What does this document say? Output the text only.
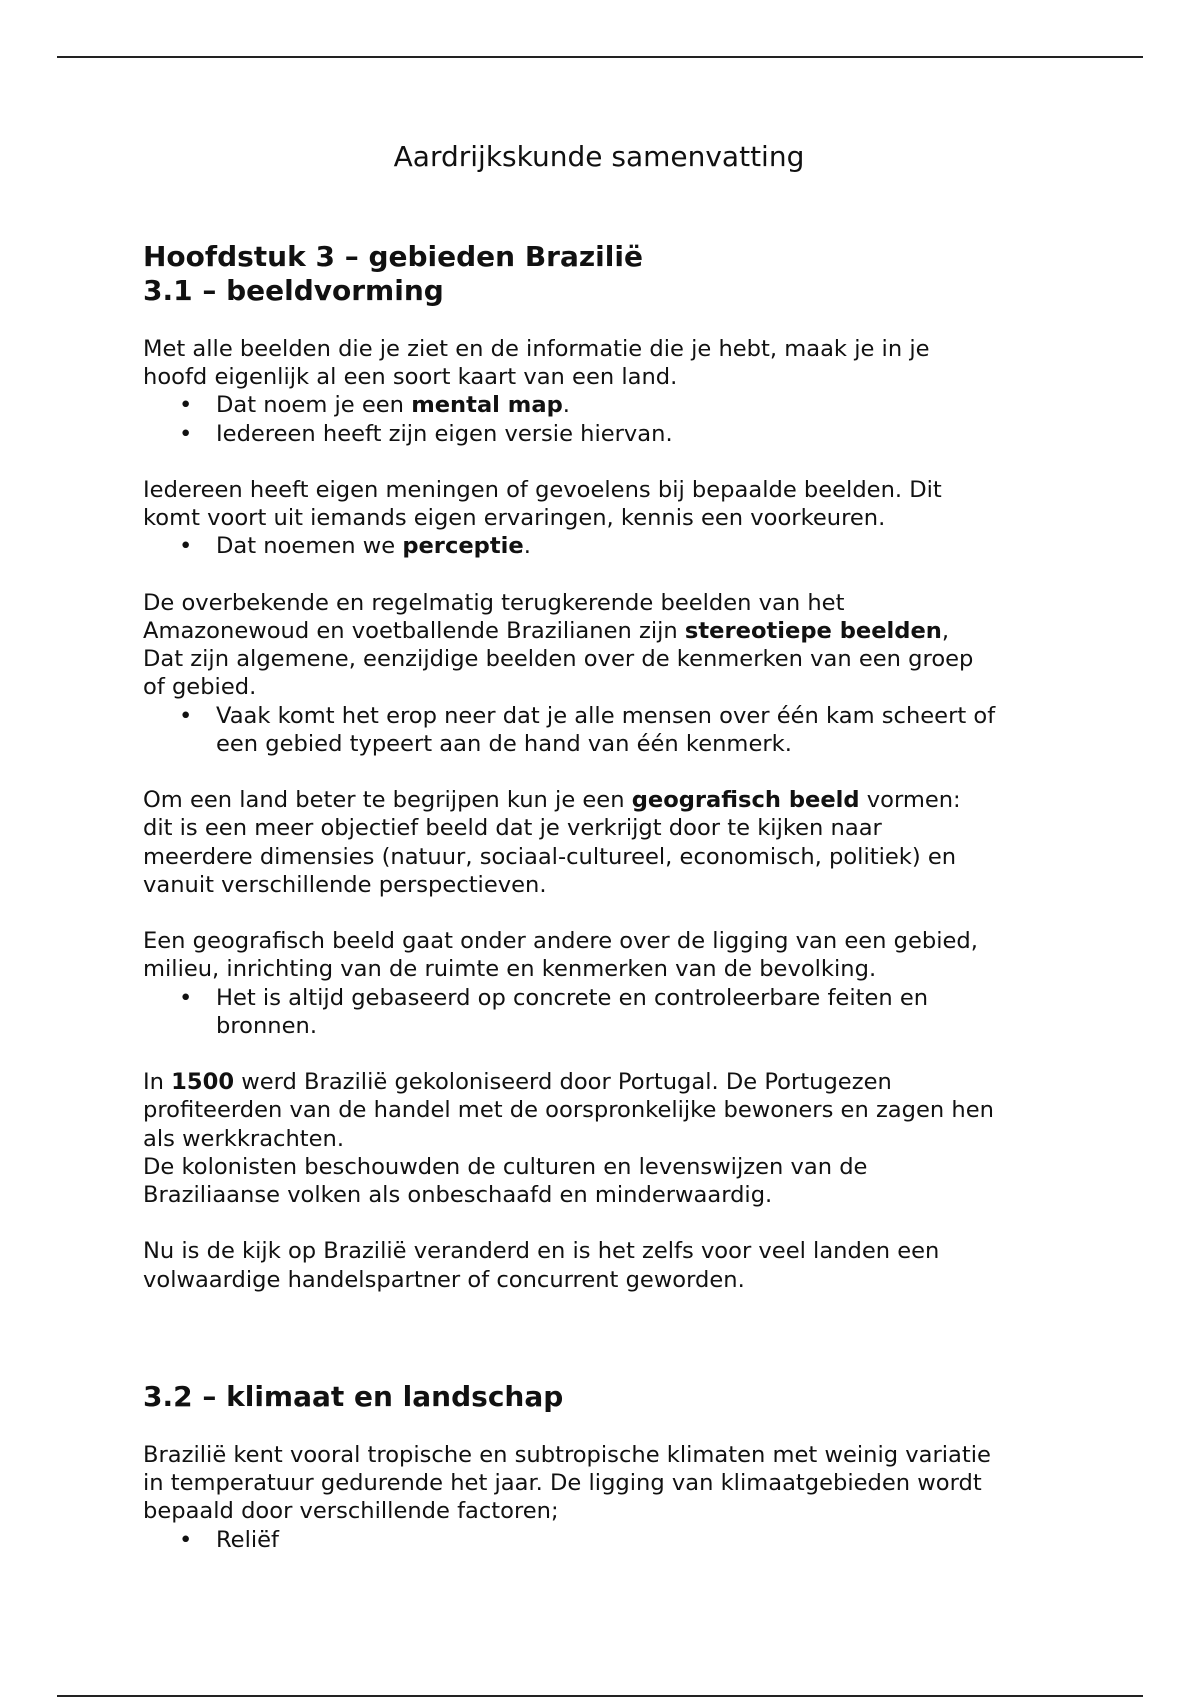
Aardrijkskunde samenvatting
Hoofdstuk 3 – gebieden Brazilië
3.1 – beeldvorming

Met alle beelden die je ziet en de informatie die je hebt, maak je in je
hoofd eigenlijk al een soort kaart van een land.

• Dat noem je een mental map.
• Iedereen heeft zijn eigen versie hiervan.

Iedereen heeft eigen meningen of gevoelens bij bepaalde beelden. Dit
komt voort uit iemands eigen ervaringen, kennis een voorkeuren.

• Dat noemen we perceptie.

De overbekende en regelmatig terugkerende beelden van het
Amazonewoud en voetballende Brazilianen zijn stereotiepe beelden,
Dat zijn algemene, eenzijdige beelden over de kenmerken van een groep
of gebied.

• Vaak komt het erop neer dat je alle mensen over één kam scheert of
een gebied typeert aan de hand van één kenmerk.

Om een land beter te begrijpen kun je een geografisch beeld vormen:
dit is een meer objectief beeld dat je verkrijgt door te kijken naar
meerdere dimensies (natuur, sociaal-cultureel, economisch, politiek) en
vanuit verschillende perspectieven.

Een geografisch beeld gaat onder andere over de ligging van een gebied,
milieu, inrichting van de ruimte en kenmerken van de bevolking.

• Het is altijd gebaseerd op concrete en controleerbare feiten en
bronnen.

In 1500 werd Brazilië gekoloniseerd door Portugal. De Portugezen
profiteerden van de handel met de oorspronkelijke bewoners en zagen hen
als werkkrachten.
De kolonisten beschouwden de culturen en levenswijzen van de
Braziliaanse volken als onbeschaafd en minderwaardig.

Nu is de kijk op Brazilië veranderd en is het zelfs voor veel landen een
volwaardige handelspartner of concurrent geworden.

3.2 – klimaat en landschap

Brazilië kent vooral tropische en subtropische klimaten met weinig variatie
in temperatuur gedurende het jaar. De ligging van klimaatgebieden wordt
bepaald door verschillende factoren;

• Reliëf
